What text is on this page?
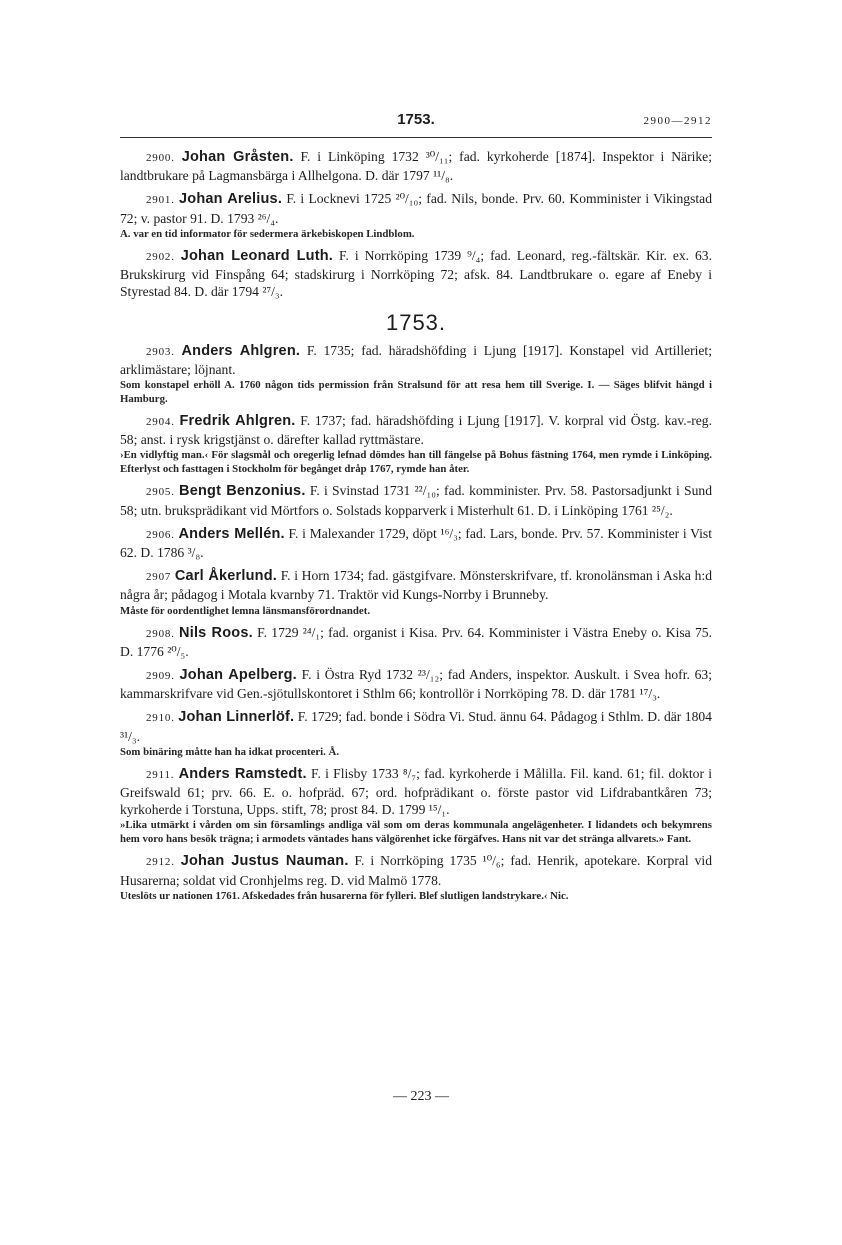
1753.	2900—2912
2900. Johan Gråsten. F. i Linköping 1732 ³⁰/₁₁; fad. kyrkoherde [1874]. Inspektor i Närike; landtbrukare på Lagmansbärga i Allhelgona. D. där 1797 ¹¹/₈.
2901. Johan Arelius. F. i Locknevi 1725 ²⁰/₁₀; fad. Nils, bonde. Prv. 60. Komminister i Vikingstad 72; v. pastor 91. D. 1793 ²⁶/₄.
A. var en tid informator för sedermera ärkebiskopen Lindblom.
2902. Johan Leonard Luth. F. i Norrköping 1739 ⁹/₄; fad. Leonard, reg.-fältskär. Kir. ex. 63. Brukskirurg vid Finspång 64; stadskirurg i Norrköping 72; afsk. 84. Landtbrukare o. egare af Eneby i Styrestad 84. D. där 1794 ²⁷/₃.
1753.
2903. Anders Ahlgren. F. 1735; fad. häradshöfding i Ljung [1917]. Konstapel vid Artilleriet; arklimästare; löjnant.
Som konstapel erhöll A. 1760 någon tids permission från Stralsund för att resa hem till Sverige. I. — Säges blifvit hängd i Hamburg.
2904. Fredrik Ahlgren. F. 1737; fad. häradshöfding i Ljung [1917]. V. korpral vid Östg. kav.-reg. 58; anst. i rysk krigstjänst o. därefter kallad ryttmästare.
›En vidlyftig man.‹ För slagsmål och oregerlig lefnad dömdes han till fängelse på Bohus fästning 1764, men rymde i Linköping. Efterlyst och fasttagen i Stockholm för begånget dråp 1767, rymde han åter.
2905. Bengt Benzonius. F. i Svinstad 1731 ²²/₁₀; fad. komminister. Prv. 58. Pastorsadjunkt i Sund 58; utn. bruksprädikant vid Mörtfors o. Solstads kopparverk i Misterhult 61. D. i Linköping 1761 ²⁵/₂.
2906. Anders Mellén. F. i Malexander 1729, döpt ¹⁶/₃; fad. Lars, bonde. Prv. 57. Komminister i Vist 62. D. 1786 ³/₈.
2907 Carl Åkerlund. F. i Horn 1734; fad. gästgifvare. Mönsterskrifvare, tf. kronolänsman i Aska h:d några år; pådagog i Motala kvarnby 71. Traktör vid Kungs-Norrby i Brunneby.
Måste för oordentlighet lemna länsmansförordnandet.
2908. Nils Roos. F. 1729 ²⁴/₁; fad. organist i Kisa. Prv. 64. Komminister i Västra Eneby o. Kisa 75. D. 1776 ²⁰/₅.
2909. Johan Apelberg. F. i Östra Ryd 1732 ²³/₁₂; fad Anders, inspektor. Auskult. i Svea hofr. 63; kammarskrifvare vid Gen.-sjötullskontoret i Sthlm 66; kontrollör i Norrköping 78. D. där 1781 ¹⁷/₃.
2910. Johan Linnerlöf. F. 1729; fad. bonde i Södra Vi. Stud. ännu 64. Pådagog i Sthlm. D. där 1804 ³¹/₃.
Som binäring måtte han ha idkat procenteri. Å.
2911. Anders Ramstedt. F. i Flisby 1733 ⁸/₇; fad. kyrkoherde i Målilla. Fil. kand. 61; fil. doktor i Greifswald 61; prv. 66. E. o. hofpräd. 67; ord. hofprädikant o. förste pastor vid Lifdrabantkåren 73; kyrkoherde i Torstuna, Upps. stift, 78; prost 84. D. 1799 ¹⁵/₁.
»Lika utmärkt i vården om sin församlings andliga väl som om deras kommunala angelägenheter. I lidandets och bekymrens hem voro hans besök trägna; i armodets väntades hans välgörenhet icke förgäfves. Hans nit var det stränga allvarets.» Fant.
2912. Johan Justus Nauman. F. i Norrköping 1735 ¹⁰/₆; fad. Henrik, apotekare. Korpral vid Husarerna; soldat vid Cronhjelms reg. D. vid Malmö 1778.
Uteslöts ur nationen 1761. Afskedades från husarerna för fylleri. Blef slutligen landstrykare.‹ Nic.
— 223 —
